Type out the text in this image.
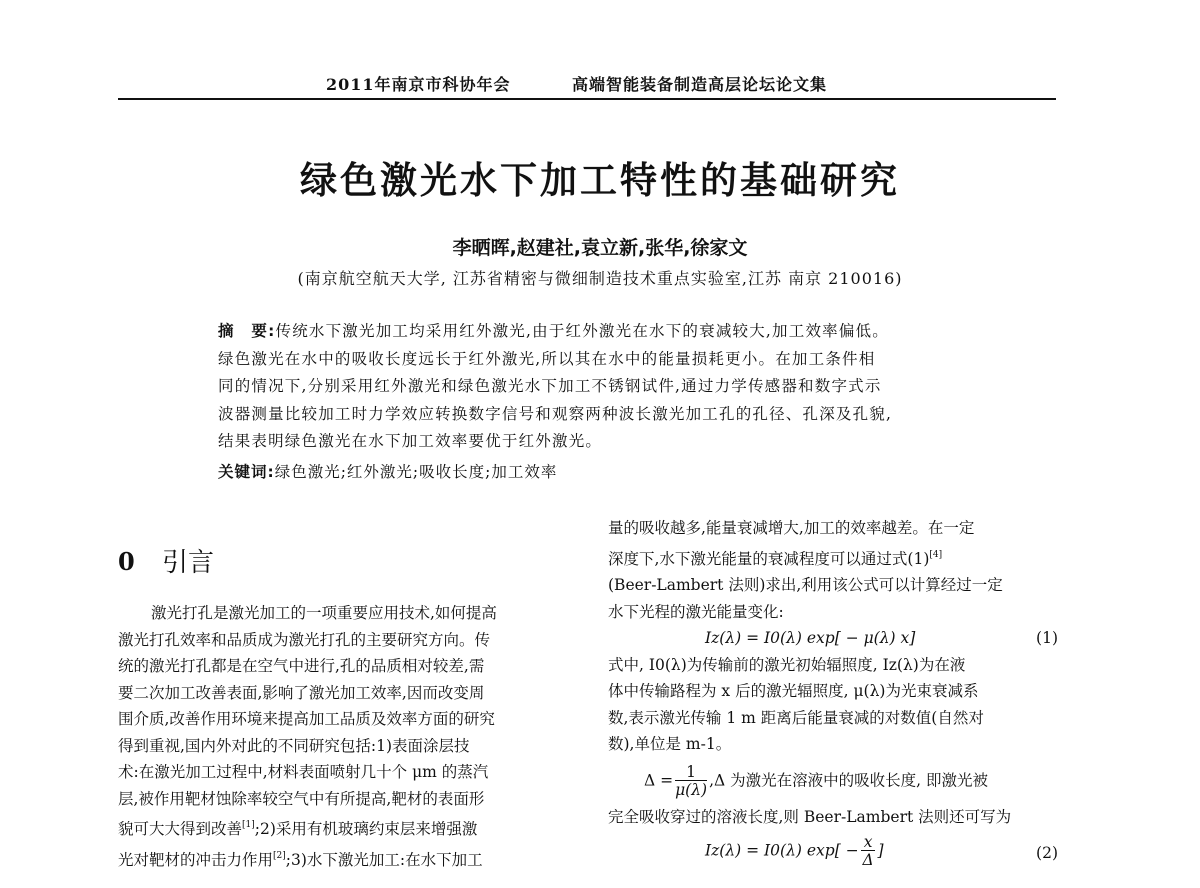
2011年南京市科协年会	高端智能装备制造高层论坛论文集
绿色激光水下加工特性的基础研究
李晒晖,赵建社,袁立新,张华,徐家文
(南京航空航天大学, 江苏省精密与微细制造技术重点实验室,江苏 南京 210016)
摘　要:传统水下激光加工均采用红外激光,由于红外激光在水下的衰减较大,加工效率偏低。
绿色激光在水中的吸收长度远长于红外激光,所以其在水中的能量损耗更小。在加工条件相
同的情况下,分别采用红外激光和绿色激光水下加工不锈钢试件,通过力学传感器和数字式示
波器测量比较加工时力学效应转换数字信号和观察两种波长激光加工孔的孔径、孔深及孔貌,
结果表明绿色激光在水下加工效率要优于红外激光。
关键词:绿色激光;红外激光;吸收长度;加工效率
0 引言
激光打孔是激光加工的一项重要应用技术,如何提高
激光打孔效率和品质成为激光打孔的主要研究方向。传
统的激光打孔都是在空气中进行,孔的品质相对较差,需
要二次加工改善表面,影响了激光加工效率,因而改变周
围介质,改善作用环境来提高加工品质及效率方面的研究
得到重视,国内外对此的不同研究包括:1)表面涂层技
术:在激光加工过程中,材料表面喷射几十个 μm 的蒸汽
层,被作用靶材蚀除率较空气中有所提高,靶材的表面形
貌可大大得到改善[1];2)采用有机玻璃约束层来增强激
光对靶材的冲击力作用[2];3)水下激光加工:在水下加工
量的吸收越多,能量衰减增大,加工的效率越差。在一定
深度下,水下激光能量的衰减程度可以通过式(1)[4]
(Beer-Lambert 法则)求出,利用该公式可以计算经过一定
水下光程的激光能量变化:
Iz(λ) = I0(λ) exp[ − μ(λ) x]	(1)
式中, I0(λ)为传输前的激光初始辐照度, Iz(λ)为在液
体中传输路程为 x 后的激光辐照度, μ(λ)为光束衰减系
数,表示激光传输 1 m 距离后能量衰减的对数值(自然对
数),单位是 m-1。
$\Delta = \frac{1}{\mu(\lambda)} ,\Delta$ 为激光在溶液中的吸收长度, 即激光被
完全吸收穿过的溶液长度,则 Beer-Lambert 法则还可写为
Iz(λ) = I0(λ) $\exp[ - \frac{x}{\Delta}$ ]	(2)
